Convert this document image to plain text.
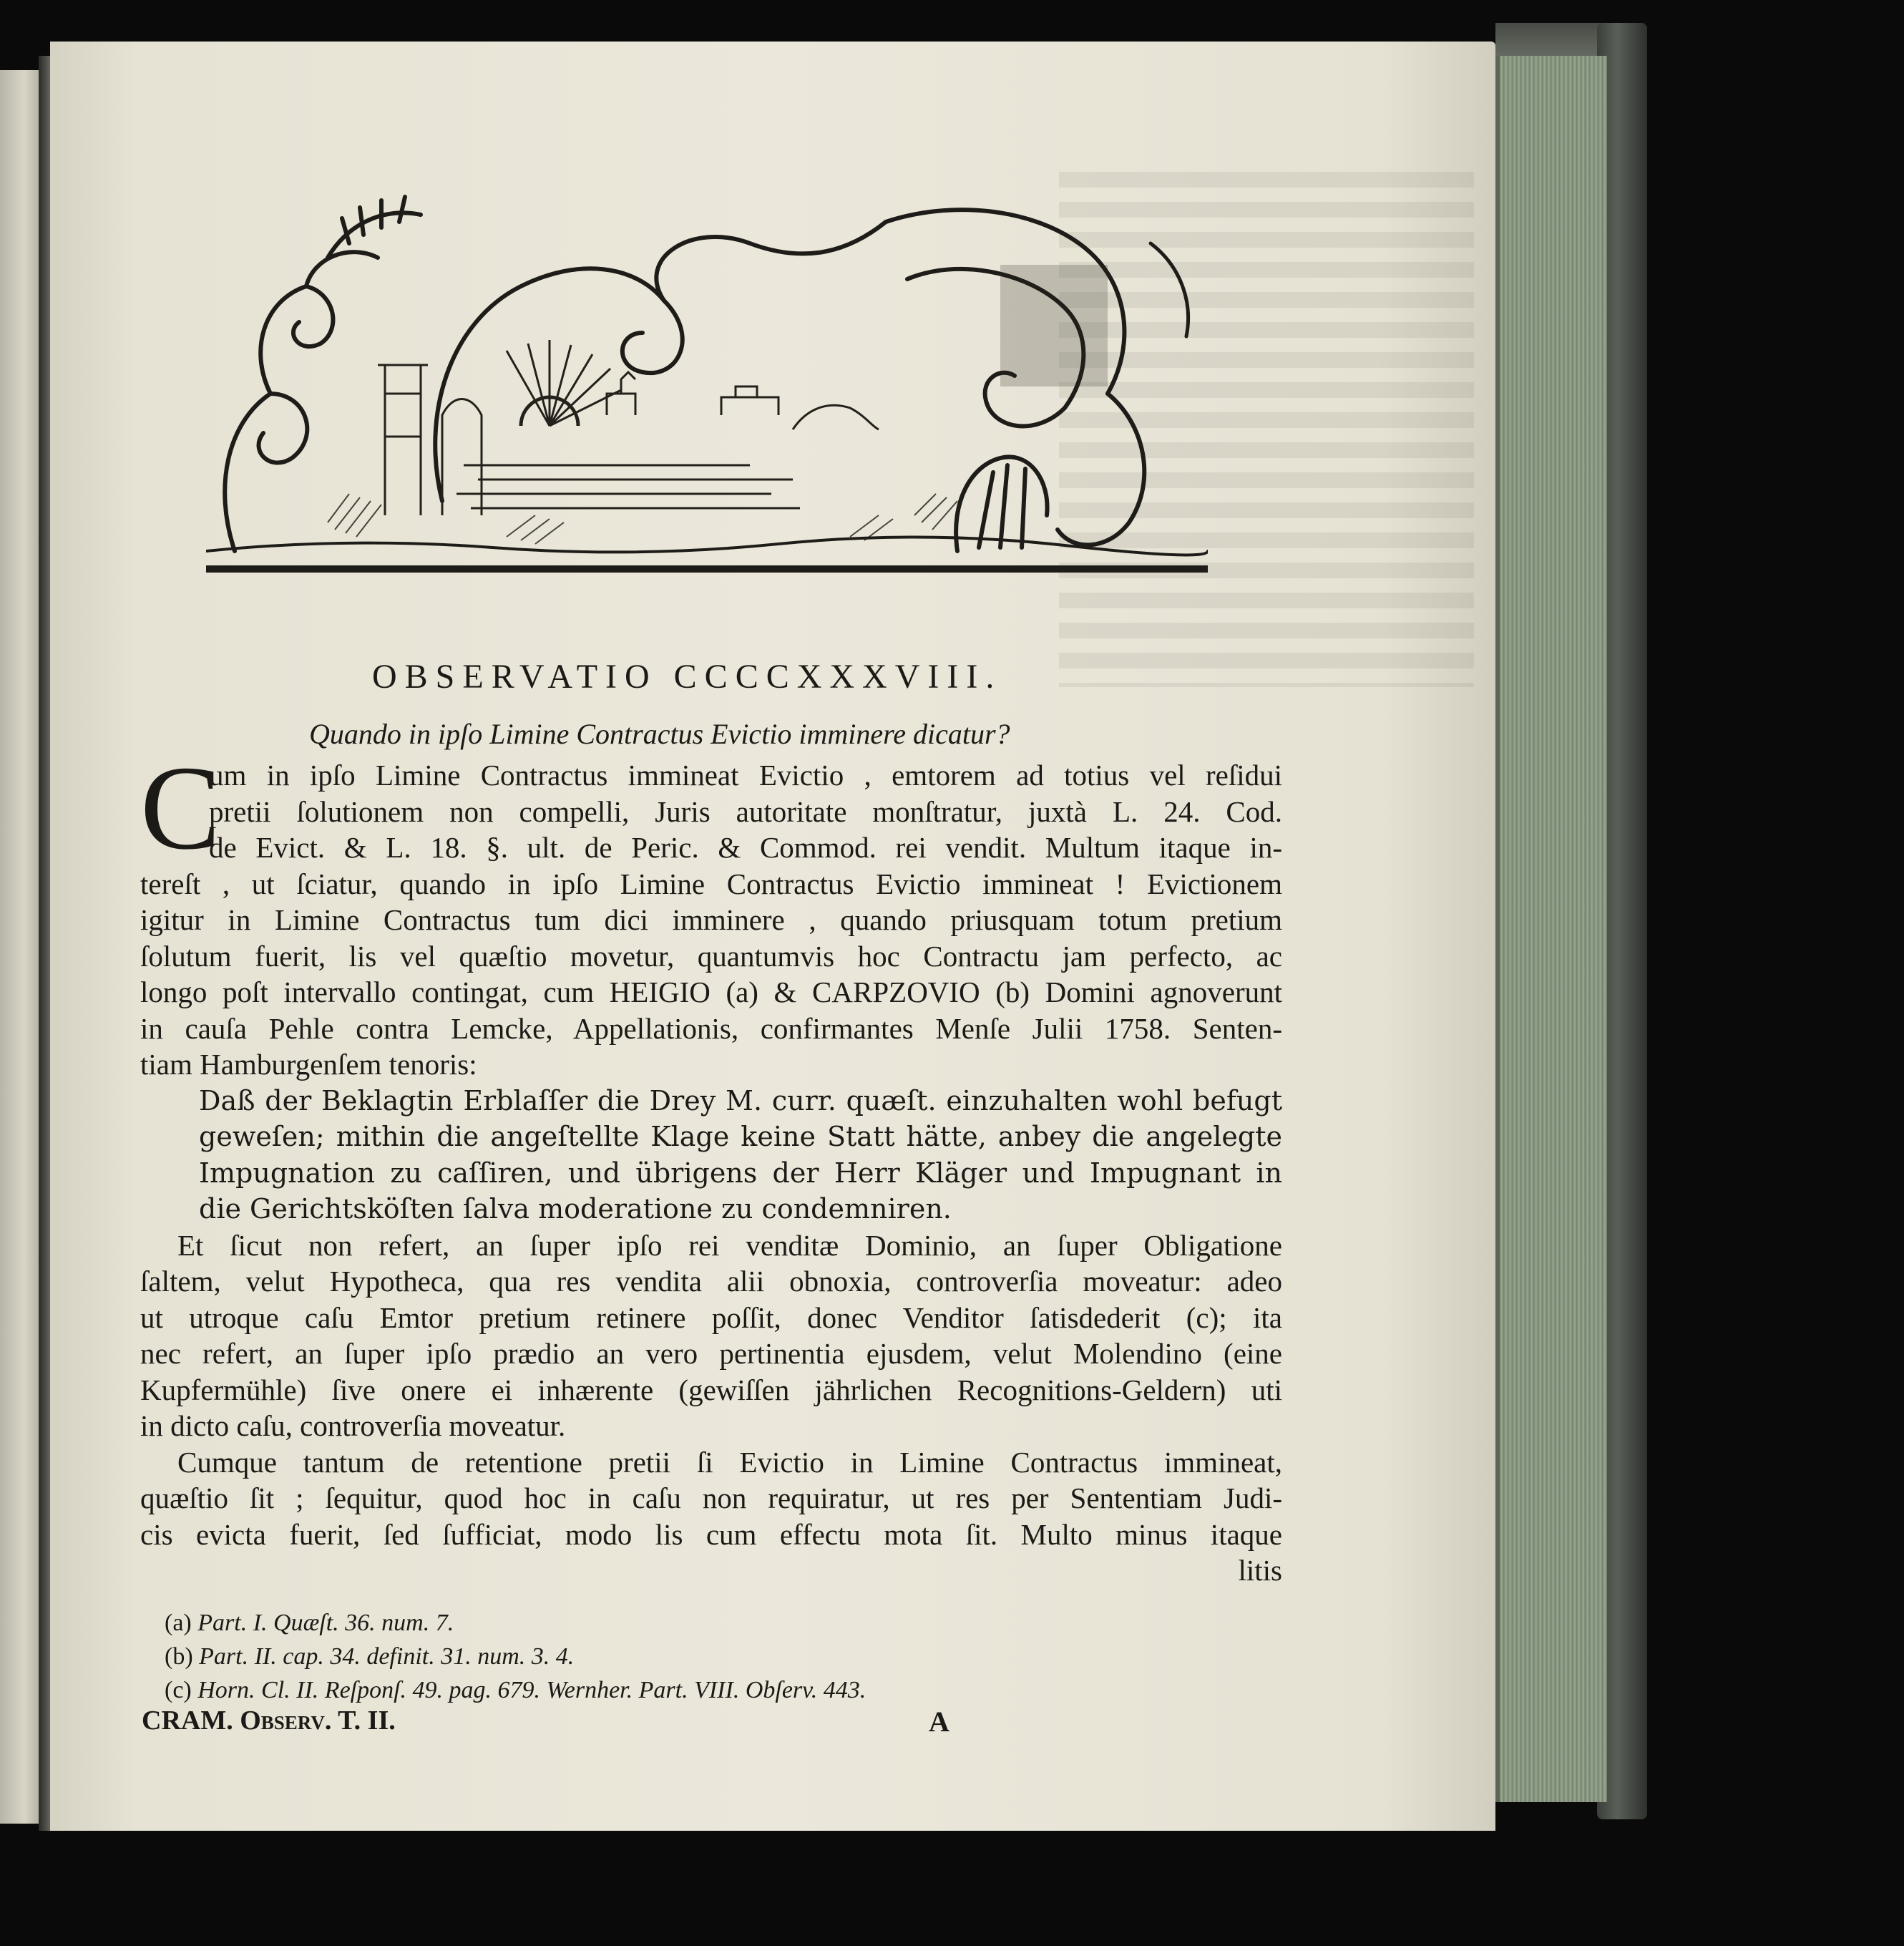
OBSERVATIO CCCCXXXVIII.
Quando in ipſo Limine Contractus Evictio imminere dicatur?
C
um in ipſo Limine Contractus immineat Evictio , emtorem ad totius vel reſidui
pretii ſolutionem non compelli, Juris autoritate monſtratur, juxtà L. 24. Cod.
de Evict. & L. 18. §. ult. de Peric. & Commod. rei vendit. Multum itaque in-
tereſt , ut ſciatur, quando in ipſo Limine Contractus Evictio immineat ! Evictionem
igitur in Limine Contractus tum dici imminere , quando priusquam totum pretium
ſolutum fuerit, lis vel quæſtio movetur, quantumvis hoc Contractu jam perfecto, ac
longo poſt intervallo contingat, cum HEIGIO (a) & CARPZOVIO (b) Domini agnoverunt
in cauſa Pehle contra Lemcke, Appellationis, confirmantes Menſe Julii 1758. Senten-
tiam Hamburgenſem tenoris:
Daß der Beklagtin Erblaſſer die Drey M. curr. quæſt. einzuhalten wohl befugt
geweſen; mithin die angeſtellte Klage keine Statt hätte, anbey die angelegte
Impugnation zu caſſiren, und übrigens der Herr Kläger und Impugnant in
die Gerichtsköſten ſalva moderatione zu condemniren.
Et ſicut non refert, an ſuper ipſo rei venditæ Dominio, an ſuper Obligatione
ſaltem, velut Hypotheca, qua res vendita alii obnoxia, controverſia moveatur: adeo
ut utroque caſu Emtor pretium retinere poſſit, donec Venditor ſatisdederit (c); ita
nec refert, an ſuper ipſo prædio an vero pertinentia ejusdem, velut Molendino (eine
Kupfermühle) ſive onere ei inhærente (gewiſſen jährlichen Recognitions-Geldern) uti
in dicto caſu, controverſia moveatur.
Cumque tantum de retentione pretii ſi Evictio in Limine Contractus immineat,
quæſtio ſit ; ſequitur, quod hoc in caſu non requiratur, ut res per Sententiam Judi-
cis evicta fuerit, ſed ſufficiat, modo lis cum effectu mota ſit. Multo minus itaque
litis
(a) Part. I. Quæſt. 36. num. 7.
(b) Part. II. cap. 34. definit. 31. num. 3. 4.
(c) Horn. Cl. II. Reſponſ. 49. pag. 679. Wernher. Part. VIII. Obſerv. 443.
CRAM. Obſerv. T. II.	A
